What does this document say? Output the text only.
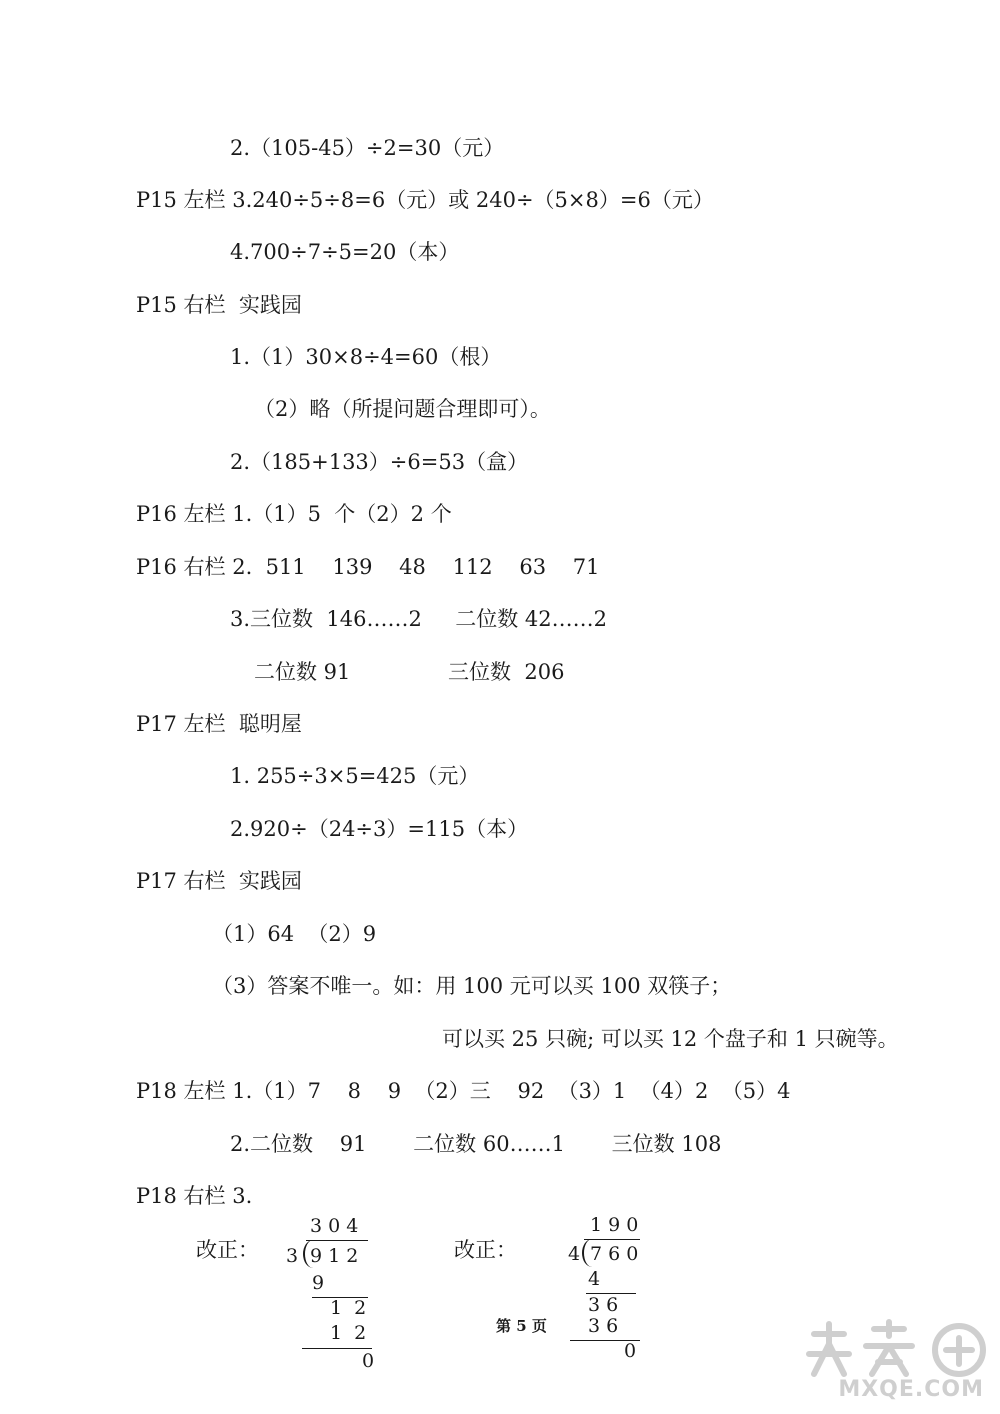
2.（105-45）÷2=30（元）
P15 左栏 3.240÷5÷8=6（元）或 240÷（5×8）=6（元）
4.700÷7÷5=20（本）
P15 右栏  实践园
1.（1）30×8÷4=60（根）
（2）略（所提问题合理即可）。
2.（185+133）÷6=53（盒）
P16 左栏 1.（1）5  个（2）2 个
P16 右栏 2.  511    139    48    112    63    71
3.三位数  146……2     二位数 42……2
二位数 91	三位数  206
P17 左栏  聪明屋
1. 255÷3×5=425（元）
2.920÷（24÷3）=115（本）
P17 右栏  实践园
（1）64  （2）9
（3）答案不唯一。如：用 100 元可以买 100 双筷子；
可以买 25 只碗; 可以买 12 个盘子和 1 只碗等。
P18 左栏 1.（1）7    8    9  （2）三    92  （3）1  （4）2  （5）4
2.二位数    91       二位数 60……1       三位数 108
P18 右栏 3.
改正：
3 0 4
3 9 1 2
9
1  2
1  2
0
改正：
1 9 0
4 7 6 0
4
3 6
3 6
0
第 5 页
MXQE.COM
